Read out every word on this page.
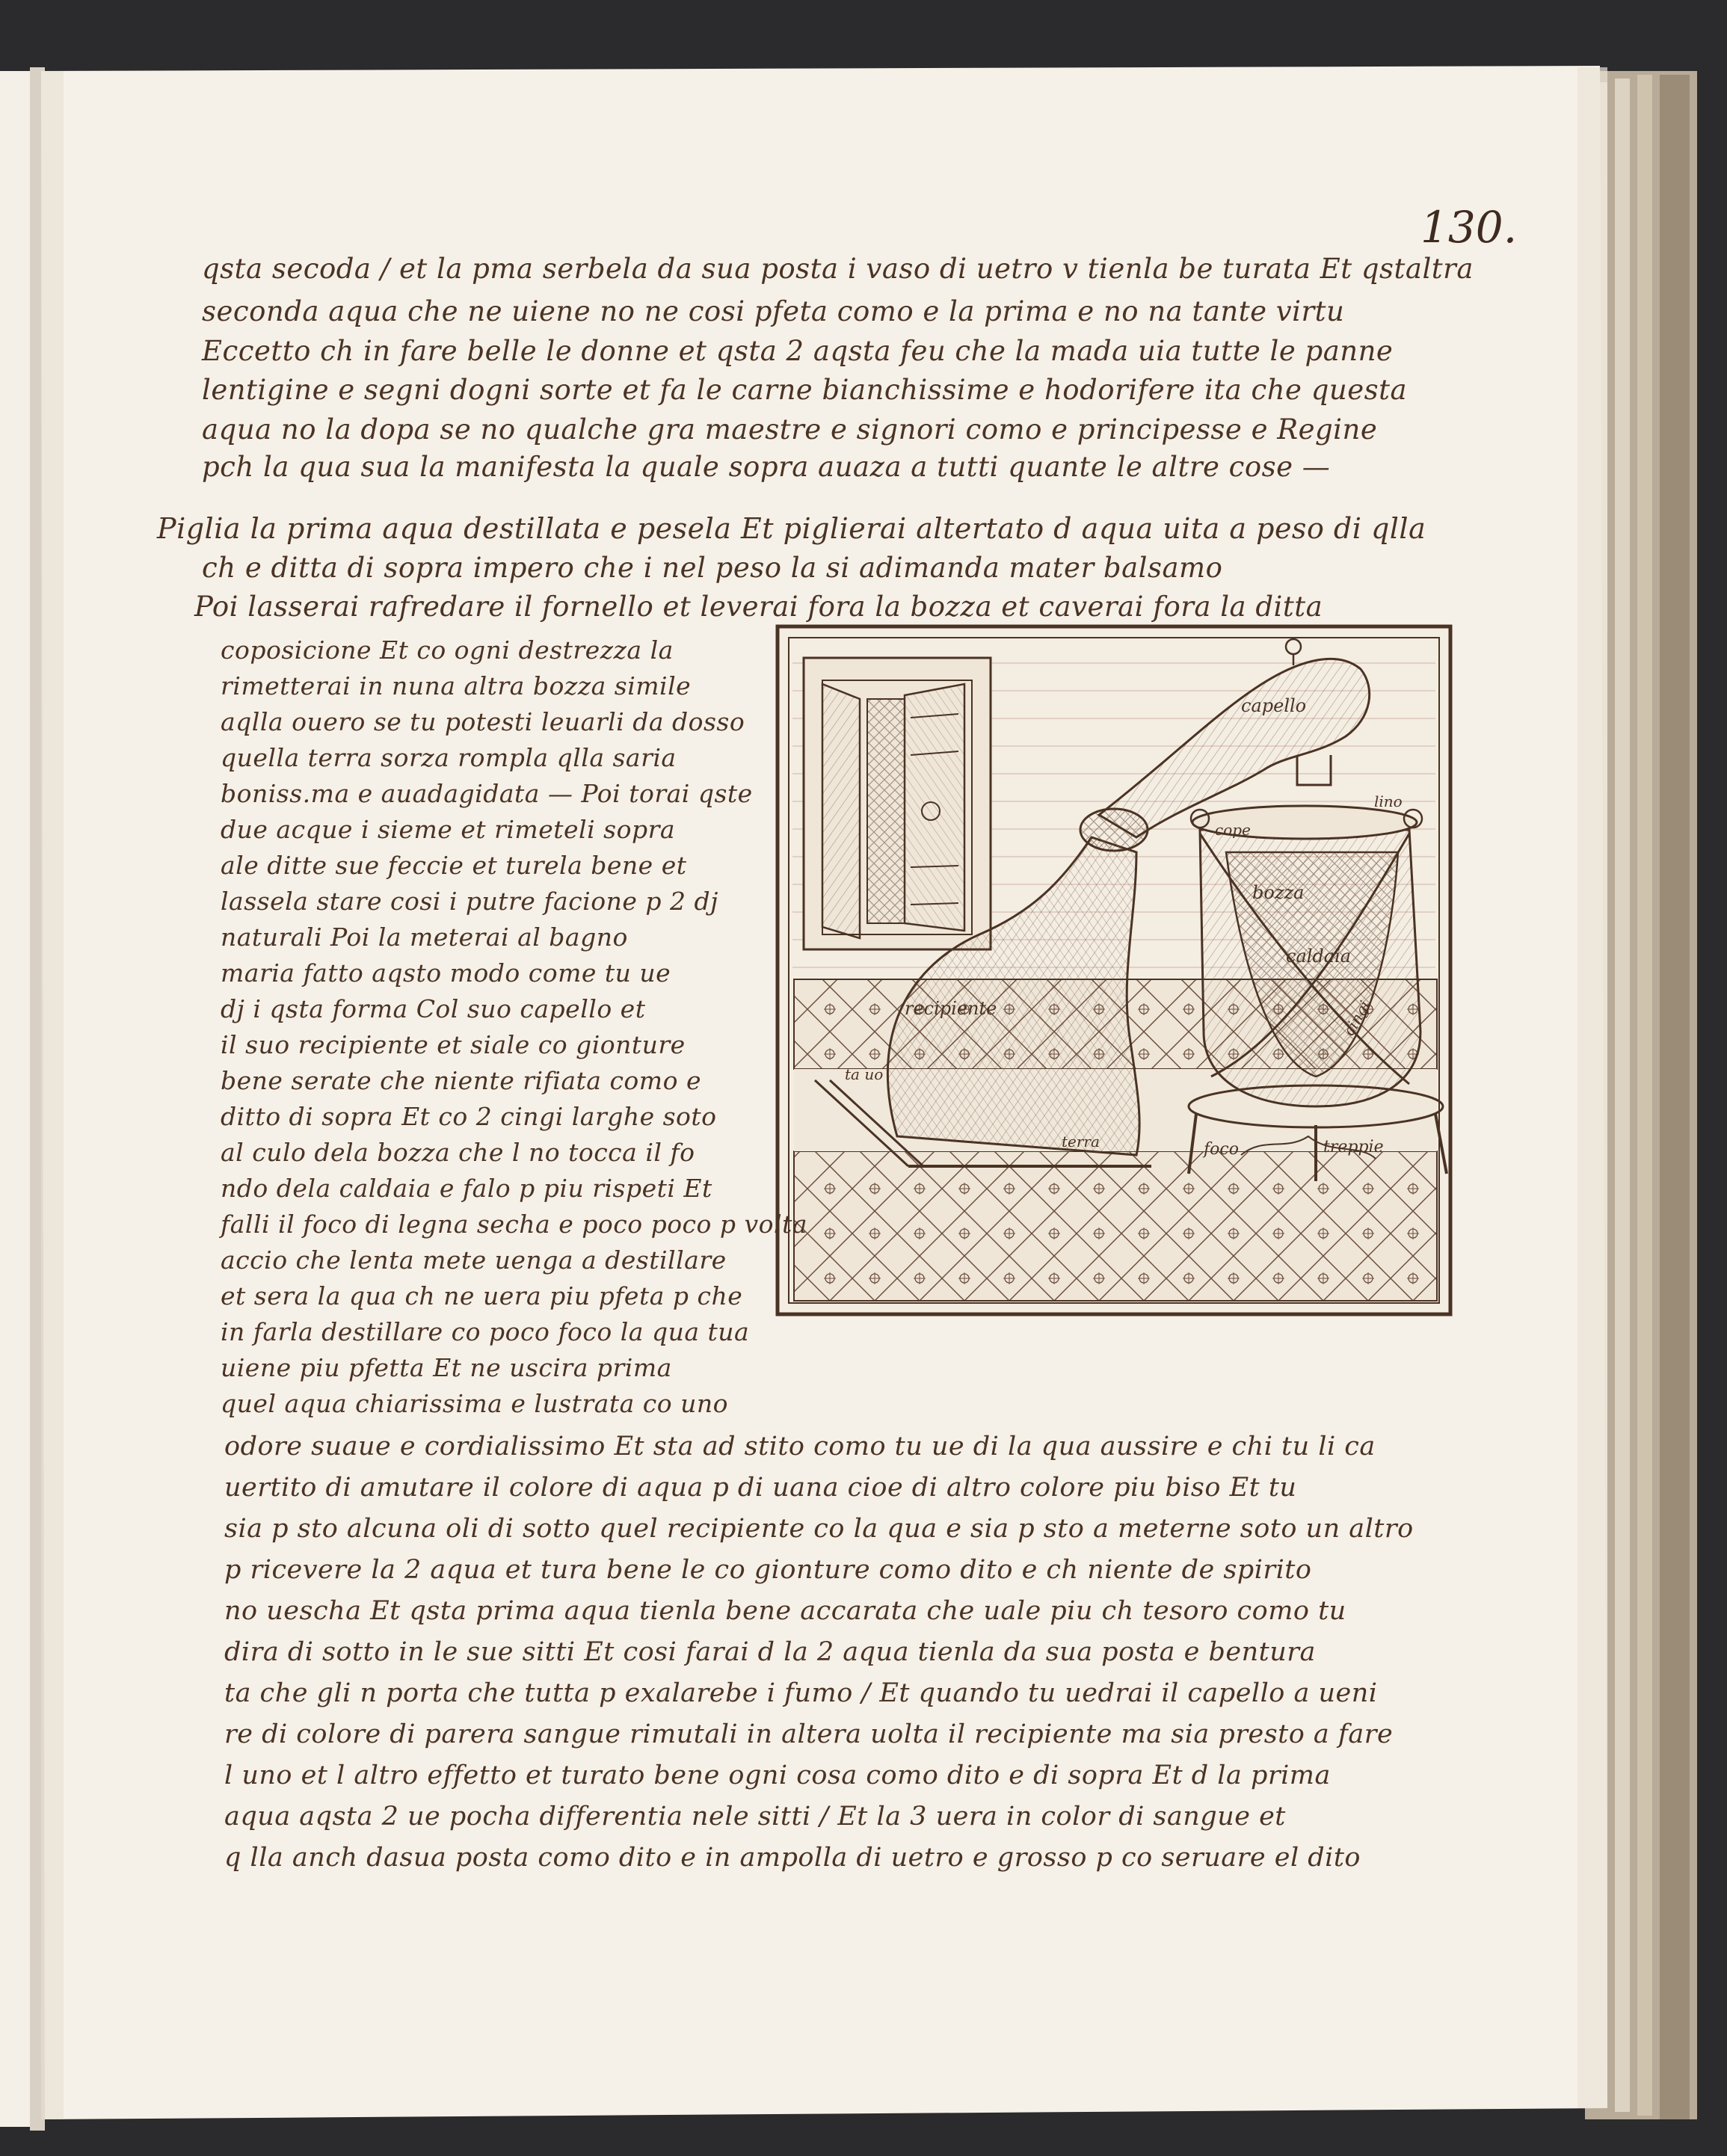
130.
qsta secoda / et la pma serbela da sua posta i vaso di uetro v tienla be turata Et qstaltra
seconda aqua che ne uiene no ne cosi pfeta como e la prima e no na tante virtu
Eccetto ch in fare belle le donne et qsta 2 aqsta feu che la mada uia tutte le panne
lentigine e segni dogni sorte et fa le carne bianchissime e hodorifere ita che questa
aqua no la dopa se no qualche gra maestre e signori como e principesse e Regine
pch la qua sua la manifesta la quale sopra auaza a tutti quante le altre cose —
Piglia la prima aqua destillata e pesela Et piglierai altertato d aqua uita a peso di qlla
ch e ditta di sopra impero che i nel peso la si adimanda mater balsamo
Poi lasserai rafredare il fornello et leverai fora la bozza et caverai fora la ditta
coposicione Et co ogni destrezza la
rimetterai in nuna altra bozza simile
aqlla ouero se tu potesti leuarli da dosso
quella terra sorza rompla qlla saria
boniss.ma e auadagidata — Poi torai qste
due acque i sieme et rimeteli sopra
ale ditte sue feccie et turela bene et
lassela stare cosi i putre facione p 2 dj
naturali Poi la meterai al bagno
maria fatto aqsto modo come tu ue
dj i qsta forma Col suo capello et
il suo recipiente et siale co gionture
bene serate che niente rifiata como e
ditto di sopra Et co 2 cingi larghe soto
al culo dela bozza che l no tocca il fo
ndo dela caldaia e falo p piu rispeti Et
falli il foco di legna secha e poco poco p volta
accio che lenta mete uenga a destillare
et sera la qua ch ne uera piu pfeta p che
in farla destillare co poco foco la qua tua
uiene piu pfetta Et ne uscira prima
quel aqua chiarissima e lustrata co uno
odore suaue e cordialissimo Et sta ad stito como tu ue di la qua aussire e chi tu li ca
uertito di amutare il colore di aqua p di uana cioe di altro colore piu biso Et tu
sia p sto alcuna oli di sotto quel recipiente co la qua e sia p sto a meterne soto un altro
p ricevere la 2 aqua et tura bene le co gionture como dito e ch niente de spirito
no uescha Et qsta prima aqua tienla bene accarata che uale piu ch tesoro como tu
dira di sotto in le sue sitti Et cosi farai d la 2 aqua tienla da sua posta e bentura
ta che gli n porta che tutta p exalarebe i fumo / Et quando tu uedrai il capello a ueni
re di colore di parera sangue rimutali in altera uolta il recipiente ma sia presto a fare
l uno et l altro effetto et turato bene ogni cosa como dito e di sopra Et d la prima
aqua aqsta 2 ue pocha differentia nele sitti / Et la 3 uera in color di sangue et
q lla anch dasua posta como dito e in ampolla di uetro e grosso p co seruare el dito
capello
lino
cope
bozza
caldaia
recipiente
ta uo
terra	foco	treppie
cingi
